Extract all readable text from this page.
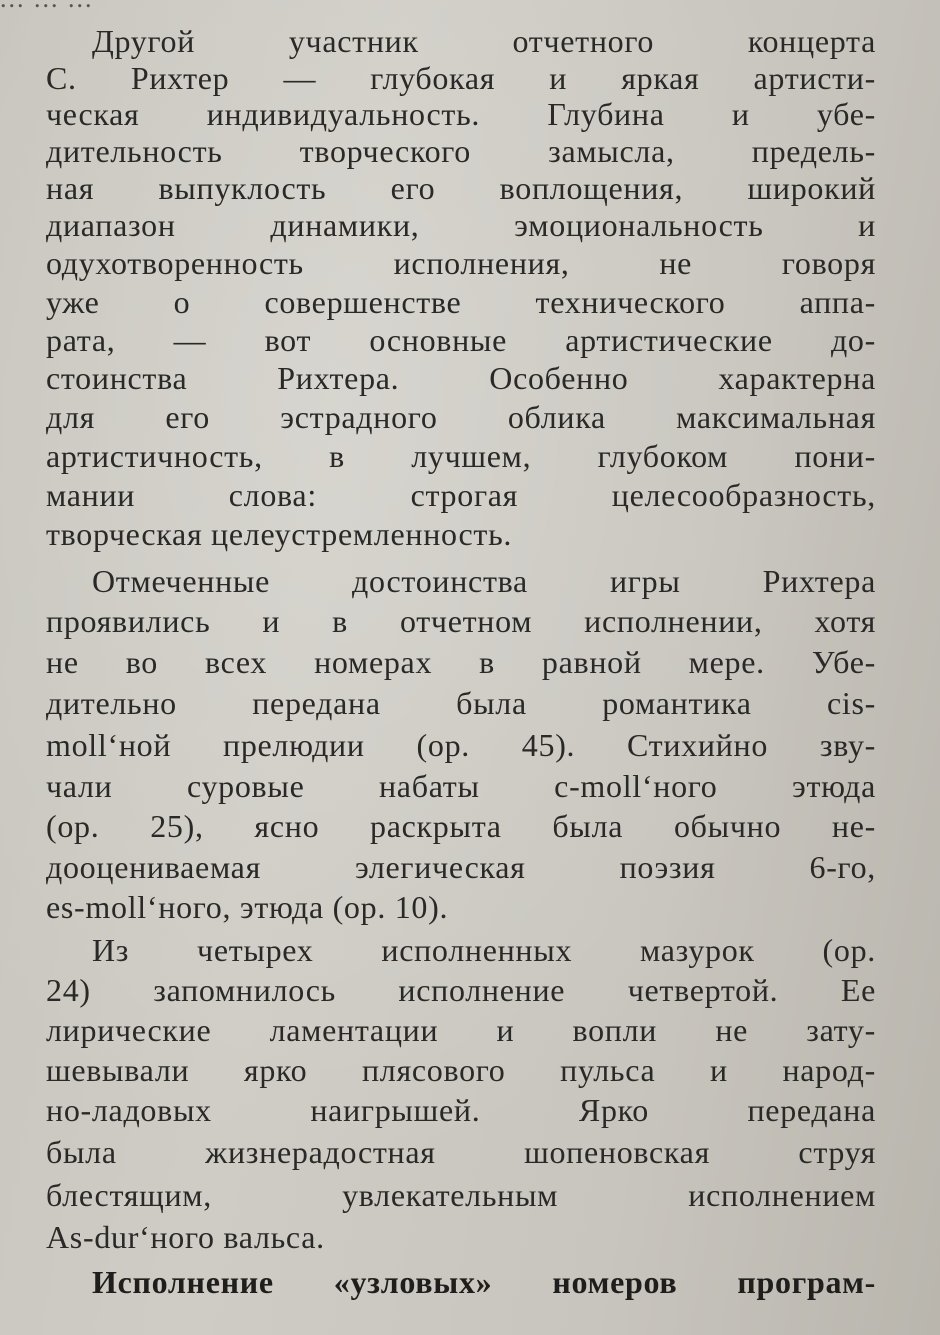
Другой участник отчетного концерта
С. Рихтер — глубокая и яркая артисти-
ческая индивидуальность. Глубина и убе-
дительность творческого замысла, предель-
ная выпуклость его воплощения, широкий
диапазон динамики, эмоциональность и
одухотворенность исполнения, не говоря
уже о совершенстве технического аппа-
рата, — вот основные артистические до-
стоинства Рихтера. Особенно характерна
для его эстрадного облика максимальная
артистичность, в лучшем, глубоком пони-
мании слова: строгая целесообразность,
творческая целеустремленность.
Отмеченные достоинства игры Рихтера
проявились и в отчетном исполнении, хотя
не во всех номерах в равной мере. Убе-
дительно передана была романтика cis-
moll‘ной прелюдии (op. 45). Стихийно зву-
чали суровые набаты c-moll‘ного этюда
(op. 25), ясно раскрыта была обычно не-
дооцениваемая элегическая поэзия 6-го,
es-moll‘ного, этюда (op. 10).
Из четырех исполненных мазурок (op.
24) запомнилось исполнение четвертой. Ее
лирические ламентации и вопли не зату-
шевывали ярко плясового пульса и народ-
но-ладовых наигрышей. Ярко передана
была жизнерадостная шопеновская струя
блестящим, увлекательным исполнением
As-dur‘ного вальса.
Исполнение «узловых» номеров програм-
